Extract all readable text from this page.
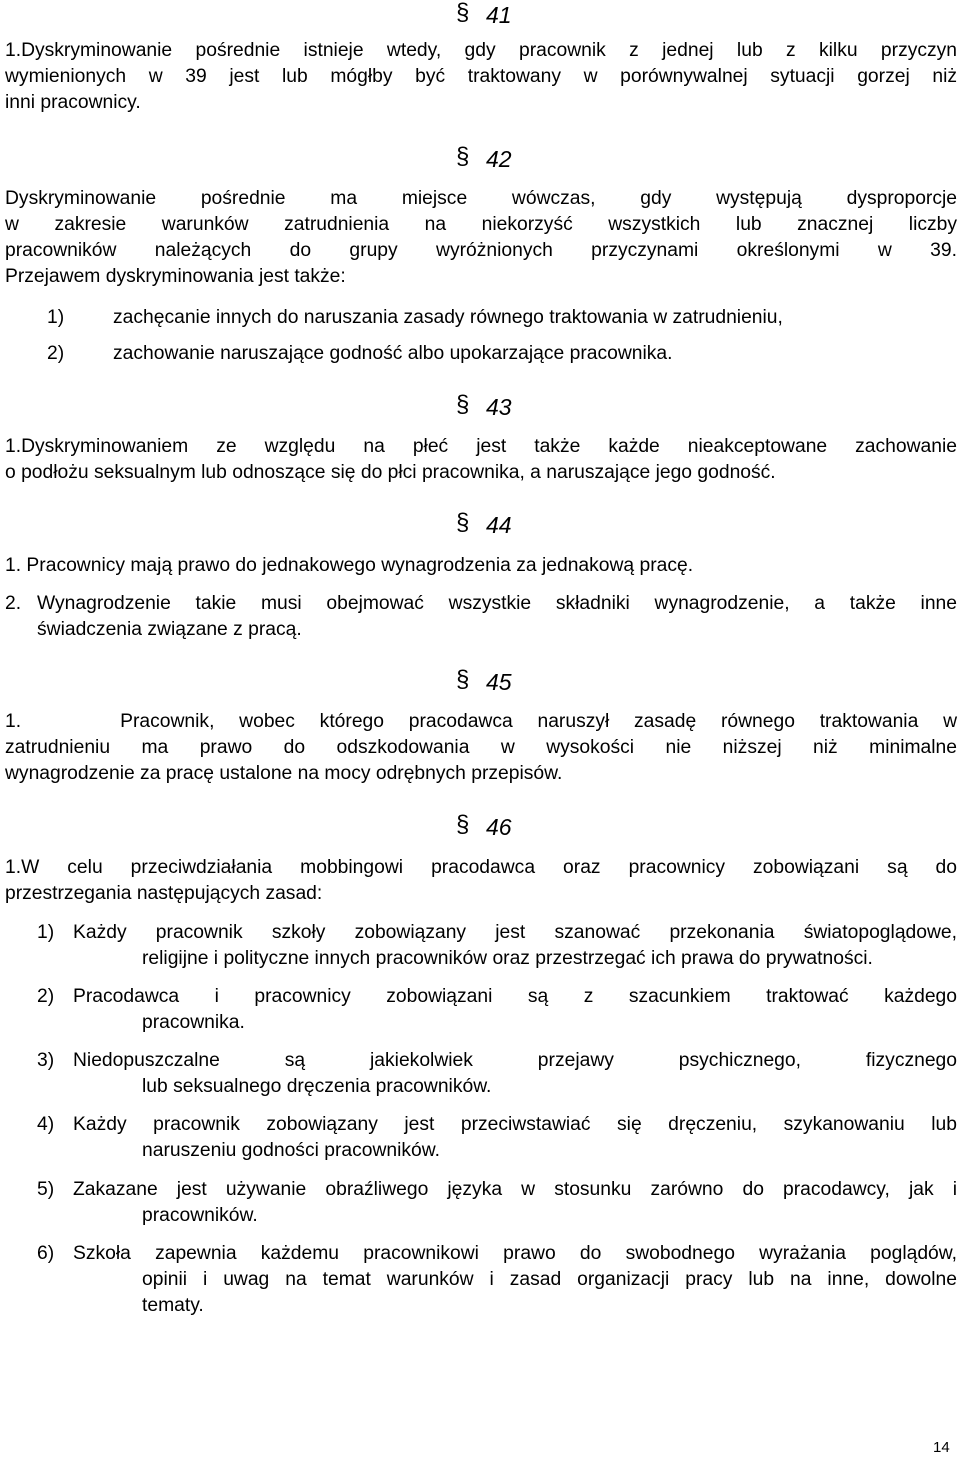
§ 41

1.Dyskryminowanie pośrednie istnieje wtedy, gdy pracownik z jednej lub z kilku przyczyn

wymienionych w 39 jest lub mógłby być traktowany w porównywalnej sytuacji gorzej niż

inni pracownicy.

§ 42

Dyskryminowanie pośrednie ma miejsce wówczas, gdy występują dysproporcje

w zakresie warunków zatrudnienia na niekorzyść wszystkich lub znacznej liczby

pracowników należących do grupy wyróżnionych przyczynami określonymi w 39.

Przejawem dyskryminowania jest także:

1)	zachęcanie innych do naruszania zasady równego traktowania w zatrudnieniu,

2)	zachowanie naruszające godność albo upokarzające pracownika.

§ 43

1.Dyskryminowaniem ze względu na płeć jest także każde nieakceptowane zachowanie

o podłożu seksualnym lub odnoszące się do płci pracownika, a naruszające jego godność.

§ 44

1. Pracownicy mają prawo do jednakowego wynagrodzenia za jednakową pracę.

2. Wynagrodzenie takie musi obejmować wszystkie składniki wynagrodzenie, a także inne

świadczenia związane z pracą.

§ 45

1.    Pracownik, wobec którego pracodawca naruszył zasadę równego traktowania w

zatrudnieniu ma prawo do odszkodowania w wysokości nie niższej niż minimalne

wynagrodzenie za pracę ustalone na mocy odrębnych przepisów.

§ 46

1.W celu przeciwdziałania mobbingowi pracodawca oraz pracownicy zobowiązani są do

przestrzegania następujących zasad:

1) Każdy pracownik szkoły zobowiązany jest szanować przekonania światopoglądowe,

religijne i polityczne innych pracowników oraz przestrzegać ich prawa do prywatności.

2) Pracodawca i pracownicy zobowiązani są z szacunkiem traktować każdego

pracownika.

3) Niedopuszczalne są jakiekolwiek przejawy psychicznego, fizycznego

lub seksualnego dręczenia pracowników.

4) Każdy pracownik zobowiązany jest przeciwstawiać się dręczeniu, szykanowaniu lub

naruszeniu godności pracowników.

5) Zakazane jest używanie obraźliwego języka w stosunku zarówno do pracodawcy, jak i

pracowników.

6) Szkoła zapewnia każdemu pracownikowi prawo do swobodnego wyrażania poglądów,

opinii i uwag na temat warunków i zasad organizacji pracy lub na inne, dowolne

tematy.

14
